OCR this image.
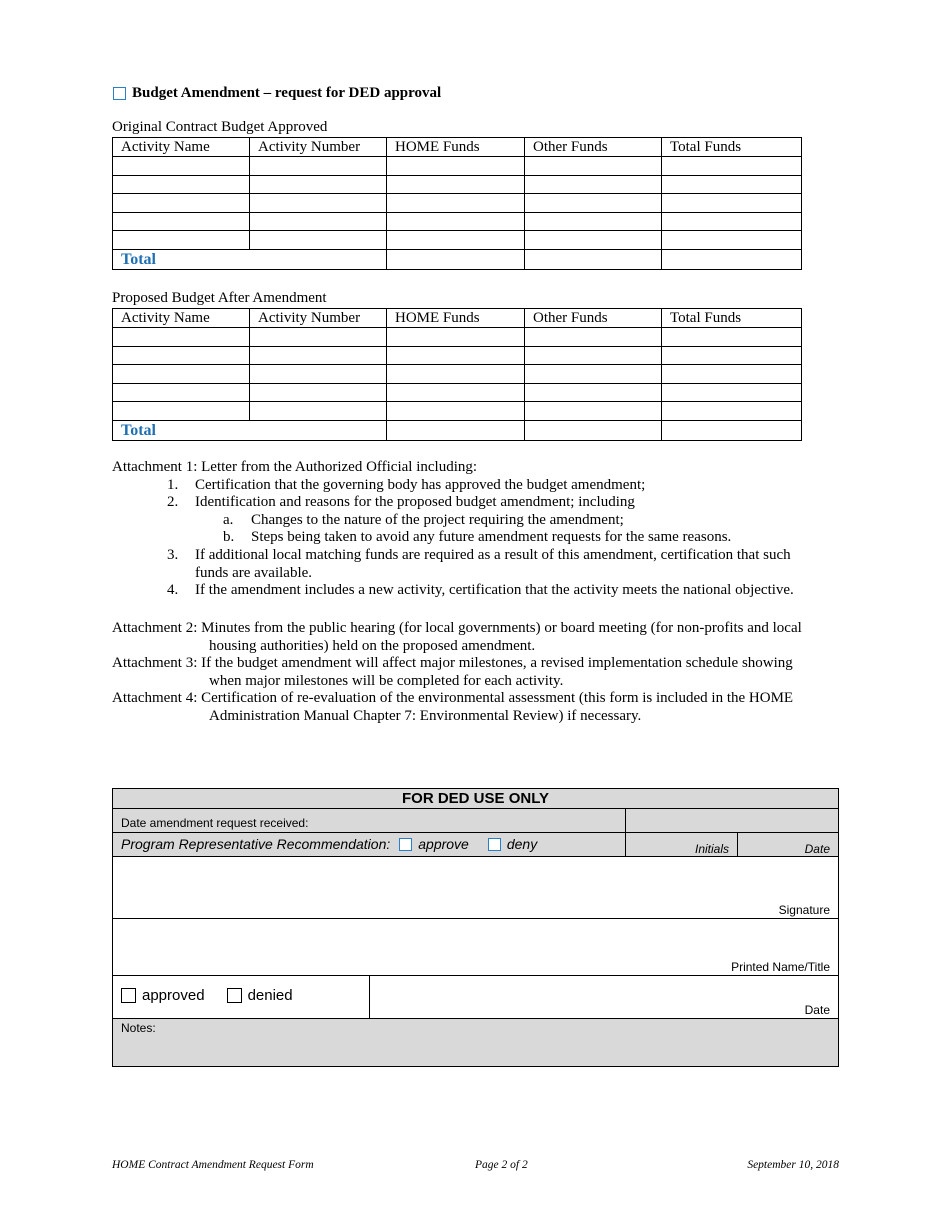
Budget Amendment – request for DED approval
Original Contract Budget Approved
Activity Name	Activity Number	HOME Funds	Other Funds	Total Funds

Total				
Proposed Budget After Amendment
Activity Name	Activity Number	HOME Funds	Other Funds	Total Funds

Total				
Attachment 1: Letter from the Authorized Official including:
1. Certification that the governing body has approved the budget amendment;
2. Identification and reasons for the proposed budget amendment; including
a. Changes to the nature of the project requiring the amendment;
b. Steps being taken to avoid any future amendment requests for the same reasons.
3. If additional local matching funds are required as a result of this amendment, certification that such funds are available.
4. If the amendment includes a new activity, certification that the activity meets the national objective.
Attachment 2: Minutes from the public hearing (for local governments) or board meeting (for non-profits and local
housing authorities) held on the proposed amendment.
Attachment 3: If the budget amendment will affect major milestones, a revised implementation schedule showing
when major milestones will be completed for each activity.
Attachment 4: Certification of re-evaluation of the environmental assessment (this form is included in the HOME
Administration Manual Chapter 7: Environmental Review) if necessary.
FOR DED USE ONLY
Date amendment request received:
Program Representative Recommendation: approve	deny	Initials	Date
Signature
Printed Name/Title
approved	denied
Date
Notes:
HOME Contract Amendment Request Form	Page 2 of 2	September 10, 2018
